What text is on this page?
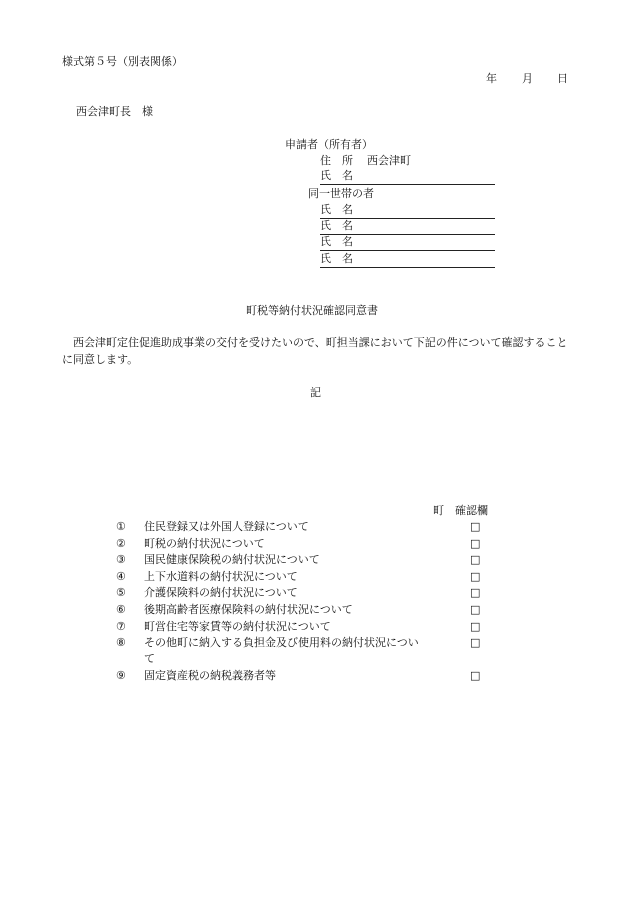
様式第５号（別表関係）
年 月 日
西会津町長　様
申請者（所有者）
住　所 西会津町
氏　名
同一世帯の者
氏　名
氏　名
氏　名
氏　名
町税等納付状況確認同意書
西会津町定住促進助成事業の交付を受けたいので、町担当課において下記の件について確認することに同意します。
記
町　確認欄
①	住民登録又は外国人登録について	□
②	町税の納付状況について	□
③	国民健康保険税の納付状況について	□
④	上下水道料の納付状況について	□
⑤	介護保険料の納付状況について	□
⑥	後期高齢者医療保険料の納付状況について	□
⑦	町営住宅等家賃等の納付状況について	□
⑧	その他町に納入する負担金及び使用料の納付状況について
□
⑨	固定資産税の納税義務者等	□
